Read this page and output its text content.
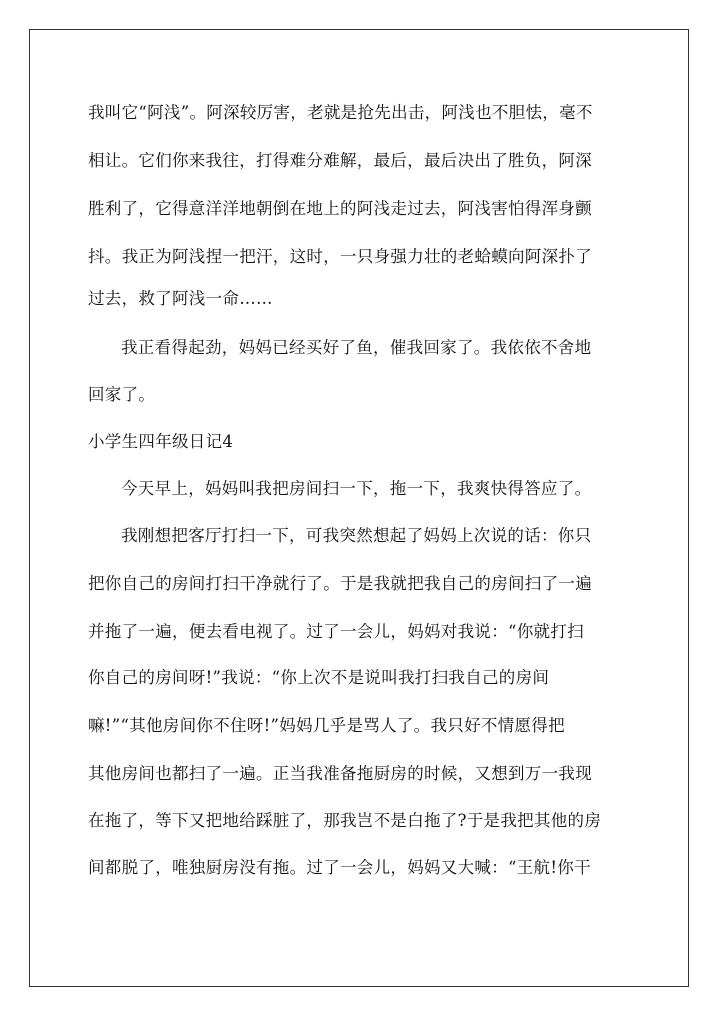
我叫它“阿浅”。阿深较厉害，老就是抢先出击，阿浅也不胆怯，毫不
相让。它们你来我往，打得难分难解，最后，最后决出了胜负，阿深
胜利了，它得意洋洋地朝倒在地上的阿浅走过去，阿浅害怕得浑身颤
抖。我正为阿浅捏一把汗，这时，一只身强力壮的老蛤蟆向阿深扑了
过去，救了阿浅一命……
我正看得起劲，妈妈已经买好了鱼，催我回家了。我依依不舍地
回家了。
小学生四年级日记4
今天早上，妈妈叫我把房间扫一下，拖一下，我爽快得答应了。
我刚想把客厅打扫一下，可我突然想起了妈妈上次说的话：你只
把你自己的房间打扫干净就行了。于是我就把我自己的房间扫了一遍
并拖了一遍，便去看电视了。过了一会儿，妈妈对我说：“你就打扫
你自己的房间呀!”我说：“你上次不是说叫我打扫我自己的房间
嘛!”“其他房间你不住呀!”妈妈几乎是骂人了。我只好不情愿得把
其他房间也都扫了一遍。正当我准备拖厨房的时候，又想到万一我现
在拖了，等下又把地给踩脏了，那我岂不是白拖了?于是我把其他的房
间都脱了，唯独厨房没有拖。过了一会儿，妈妈又大喊：“王航!你干
